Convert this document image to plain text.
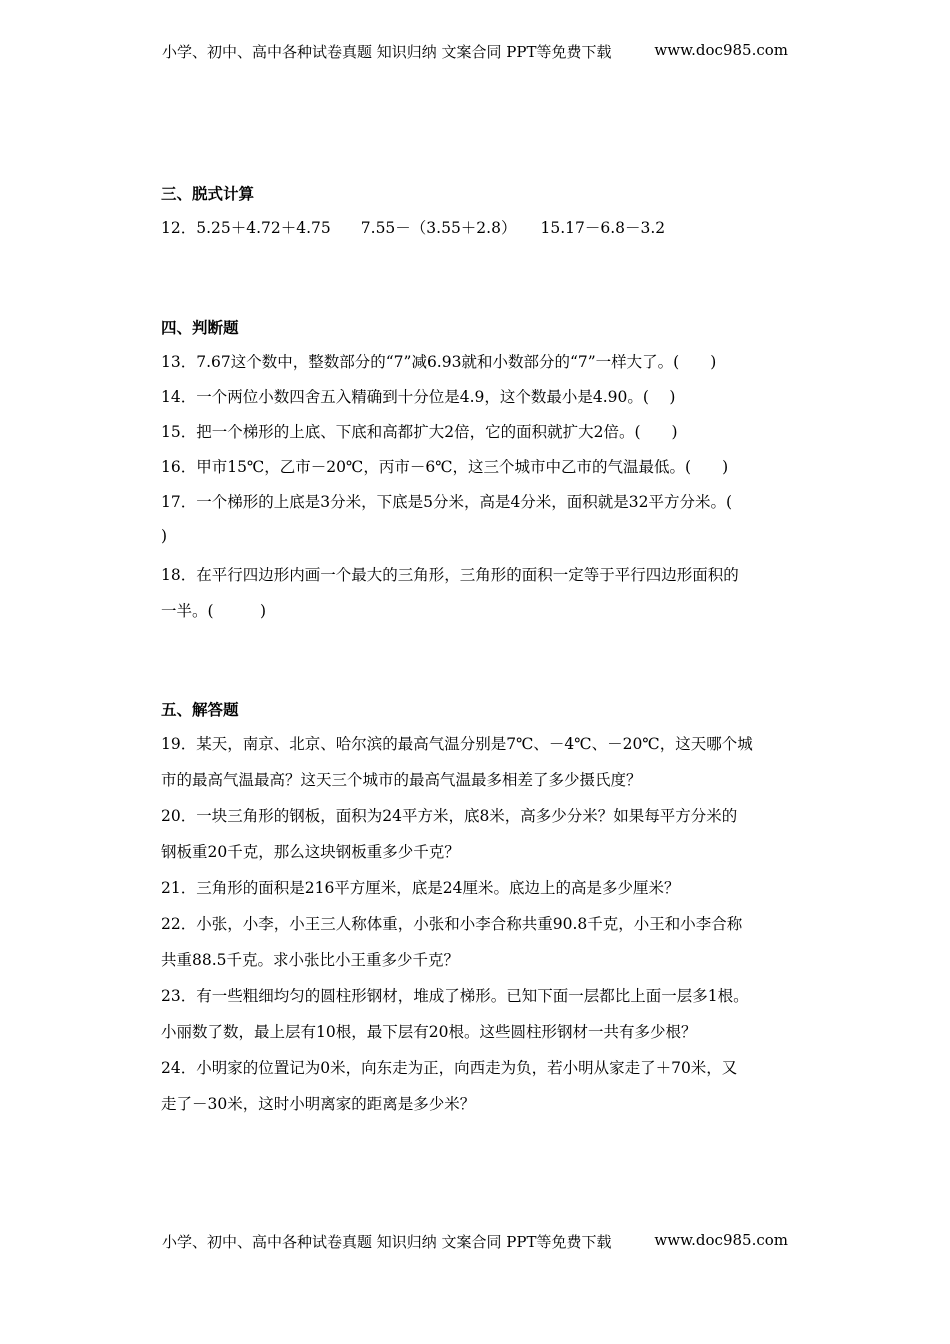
小学、初中、高中各种试卷真题 知识归纳 文案合同 PPT等免费下载	www.doc985.com
三、脱式计算
12．5.25＋4.72＋4.75 7.55－（3.55＋2.8） 15.17－6.8－3.2
四、判断题
13．7.67这个数中，整数部分的“7”减6.93就和小数部分的“7”一样大了。(　　)
14．一个两位小数四舍五入精确到十分位是4.9，这个数最小是4.90。(　 )
15．把一个梯形的上底、下底和高都扩大2倍，它的面积就扩大2倍。(　　)
16．甲市15℃，乙市－20℃，丙市－6℃，这三个城市中乙市的气温最低。(　　)
17．一个梯形的上底是3分米，下底是5分米，高是4分米，面积就是32平方分米。(
)
18．在平行四边形内画一个最大的三角形，三角形的面积一定等于平行四边形面积的
一半。(　　　)
五、解答题
19．某天，南京、北京、哈尔滨的最高气温分别是7℃、－4℃、－20℃，这天哪个城
市的最高气温最高？这天三个城市的最高气温最多相差了多少摄氏度？
20．一块三角形的钢板，面积为24平方米，底8米，高多少分米？如果每平方分米的
钢板重20千克，那么这块钢板重多少千克？
21．三角形的面积是216平方厘米，底是24厘米。底边上的高是多少厘米？
22．小张，小李，小王三人称体重，小张和小李合称共重90.8千克，小王和小李合称
共重88.5千克。求小张比小王重多少千克？
23．有一些粗细均匀的圆柱形钢材，堆成了梯形。已知下面一层都比上面一层多1根。
小丽数了数，最上层有10根，最下层有20根。这些圆柱形钢材一共有多少根？
24．小明家的位置记为0米，向东走为正，向西走为负，若小明从家走了＋70米，又
走了－30米，这时小明离家的距离是多少米？
小学、初中、高中各种试卷真题 知识归纳 文案合同 PPT等免费下载	www.doc985.com
